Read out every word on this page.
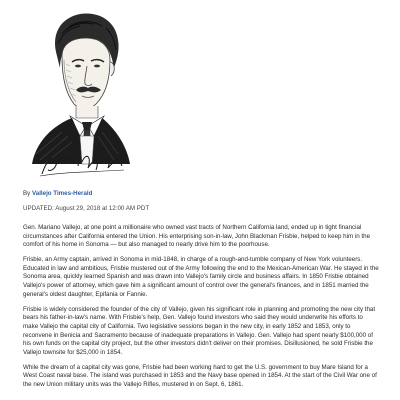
By Vallejo Times-Herald
UPDATED: August 29, 2018 at 12:00 AM PDT

Gen. Mariano Vallejo, at one point a millionaire who owned vast tracts of Northern California land, ended up in tight financial circumstances after California entered the Union. His enterprising son-in-law, John Blackman Frisbie, helped to keep him in the comfort of his home in Sonoma — but also managed to nearly drive him to the poorhouse.

Frisbie, an Army captain, arrived in Sonoma in mid-1848, in charge of a rough-and-tumble company of New York volunteers. Educated in law and ambitious, Frisbie mustered out of the Army following the end to the Mexican-American War. He stayed in the Sonoma area, quickly learned Spanish and was drawn into Vallejo's family circle and business affairs. In 1850 Frisbie obtained Vallejo's power of attorney, which gave him a significant amount of control over the general's finances, and in 1851 married the general's oldest daughter, Epifania or Fannie.

Frisbie is widely considered the founder of the city of Vallejo, given his significant role in planning and promoting the new city that bears his father-in-law's name. With Frisbie's help, Gen. Vallejo found investors who said they would underwrite his efforts to make Vallejo the capital city of California. Two legislative sessions began in the new city, in early 1852 and 1853, only to reconvene in Benicia and Sacramento because of inadequate preparations in Vallejo. Gen. Vallejo had spent nearly $100,000 of his own funds on the capital city project, but the other investors didn't deliver on their promises. Disillusioned, he sold Frisbie the Vallejo townsite for $25,000 in 1854.

While the dream of a capital city was gone, Frisbie had been working hard to get the U.S. government to buy Mare Island for a West Coast naval base. The island was purchased in 1853 and the Navy base opened in 1854. At the start of the Civil War one of the new Union military units was the Vallejo Rifles, mustered in on Sept. 6, 1861.
